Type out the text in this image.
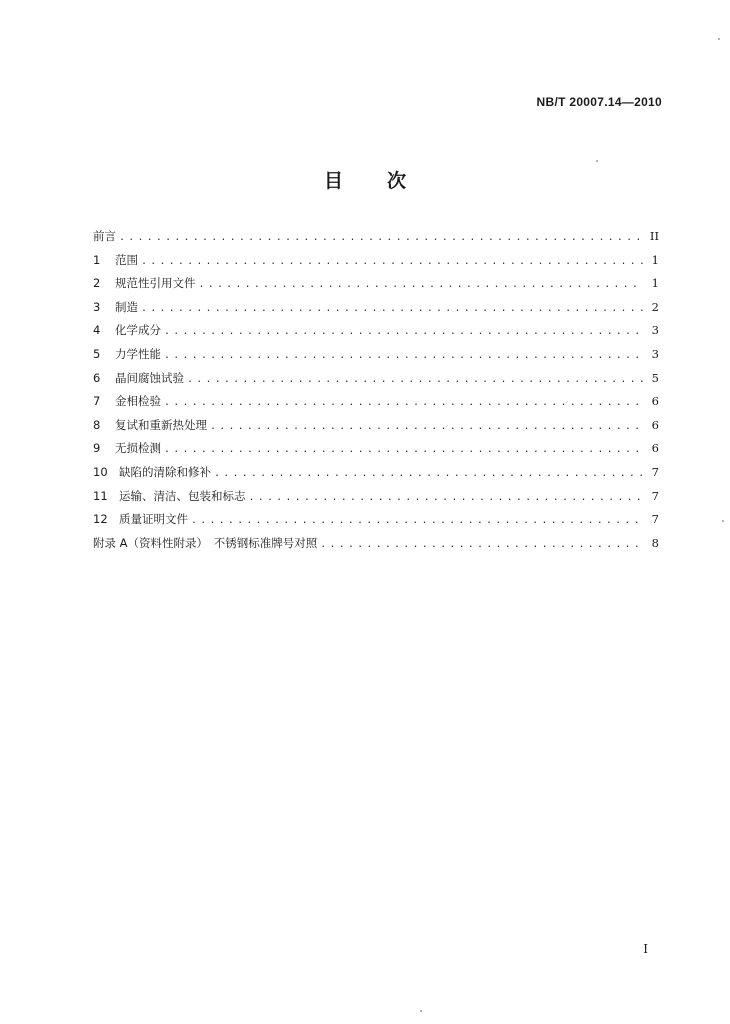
NB/T 20007.14—2010
目 次
前言 .....	II
1	范围 .....	1
2	规范性引用文件 .....	1
3	制造 .....	2
4	化学成分 .....	3
5	力学性能 .....	3
6	晶间腐蚀试验 .....	5
7	金相检验 .....	6
8	复试和重新热处理 .....	6
9	无损检测 .....	6
10 缺陷的清除和修补 .....	7
11 运输、清洁、包装和标志 .....	7
12 质量证明文件 .....	7
附录 A（资料性附录）　不锈钢标准牌号对照 .....	8
I
